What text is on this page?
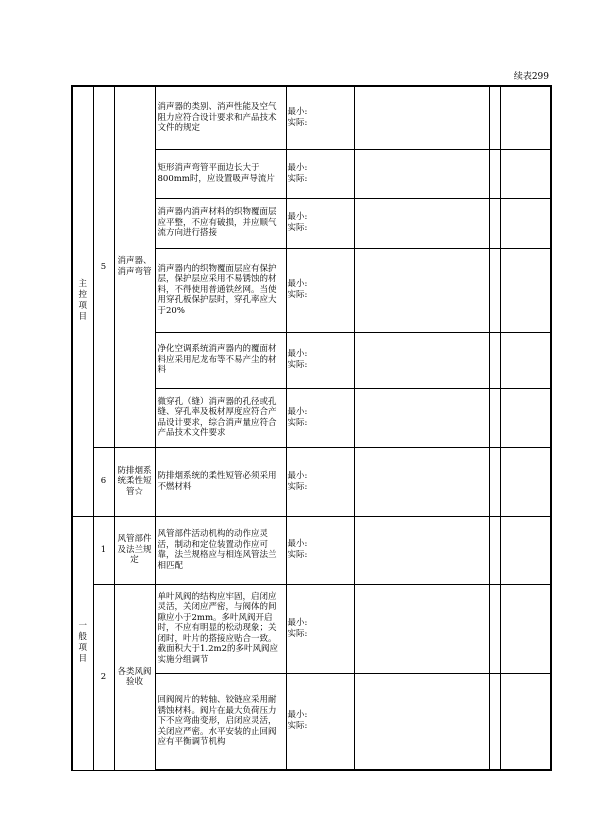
续表299
主控项目	5	消声器、消声弯管	消声器的类别、消声性能及空气阻力应符合设计要求和产品技术文件的规定	最小:
实际:			

			矩形消声弯管平面边长大于800mm时，应设置吸声导流片	最小:
实际:			

			消声器内消声材料的织物覆面层应平整，不应有破损，并应顺气流方向进行搭接	最小:
实际:			

			消声器内的织物覆面层应有保护层，保护层应采用不易锈蚀的材料，不得使用普通铁丝网。当使用穿孔板保护层时，穿孔率应大于20%	最小:
实际:			

			净化空调系统消声器内的覆面材料应采用尼龙布等不易产尘的材料	最小:
实际:			

			微穿孔（缝）消声器的孔径或孔缝、穿孔率及板材厚度应符合产品设计要求，综合消声量应符合产品技术文件要求	最小:
实际:			

	6	防排烟系统柔性短管☆	防排烟系统的柔性短管必须采用不燃材料	最小:
实际:			

一般项目	1	风管部件及法兰规定	风管部件活动机构的动作应灵活，制动和定位装置动作应可靠，法兰规格应与相连风管法兰相匹配	最小:
实际:			

	2	各类风阀验收	单叶风阀的结构应牢固，启闭应灵活，关闭应严密，与阀体的间隙应小于2mm。多叶风阀开启时，不应有明显的松动现象；关闭时，叶片的搭接应贴合一致。截面积大于1.2m2的多叶风阀应实施分组调节	最小:
实际:			

			回阀阀片的转轴、铰链应采用耐锈蚀材料。阀片在最大负荷压力下不应弯曲变形，启闭应灵活，关闭应严密。水平安装的止回阀应有平衡调节机构	最小:
实际:			
